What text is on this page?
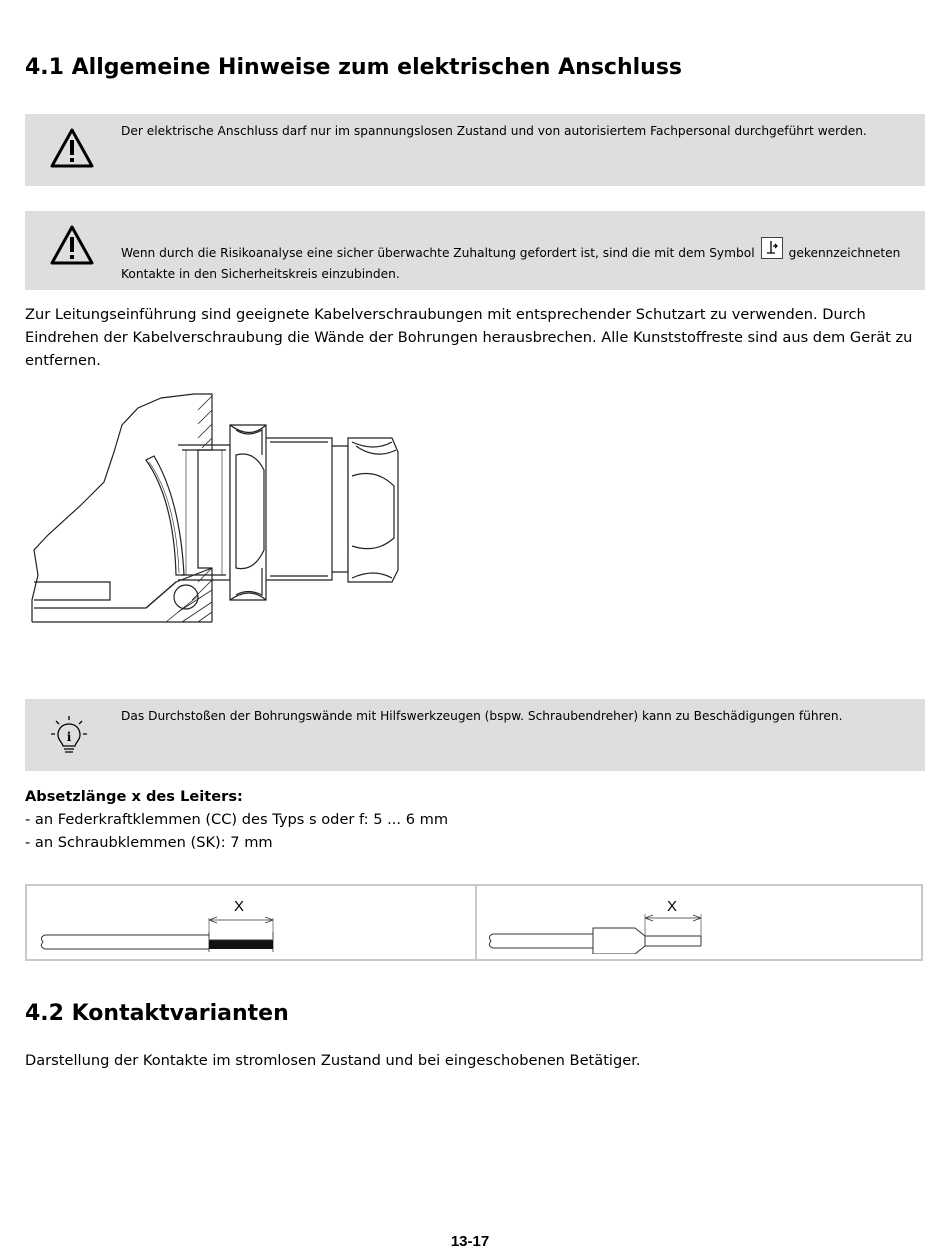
4.1 Allgemeine Hinweise zum elektrischen Anschluss
Der elektrische Anschluss darf nur im spannungslosen Zustand und von autorisiertem Fachpersonal durchgeführt werden.
Wenn durch die Risikoanalyse eine sicher überwachte Zuhaltung gefordert ist, sind die mit dem Symbol	gekennzeichneten
Kontakte in den Sicherheitskreis einzubinden.
Zur Leitungseinführung sind geeignete Kabelverschraubungen mit entsprechender Schutzart zu verwenden. Durch Eindrehen der Kabelverschraubung die Wände der Bohrungen herausbrechen. Alle Kunststoffreste sind aus dem Gerät zu entfernen.
i
Das Durchstoßen der Bohrungswände mit Hilfswerkzeugen (bspw. Schraubendreher) kann zu Beschädigungen führen.
Absetzlänge x des Leiters:
- an Federkraftklemmen (CC) des Typs s oder f: 5 ... 6 mm
- an Schraubklemmen (SK): 7 mm
X	X
4.2 Kontaktvarianten
Darstellung der Kontakte im stromlosen Zustand und bei eingeschobenen Betätiger.
13-17
